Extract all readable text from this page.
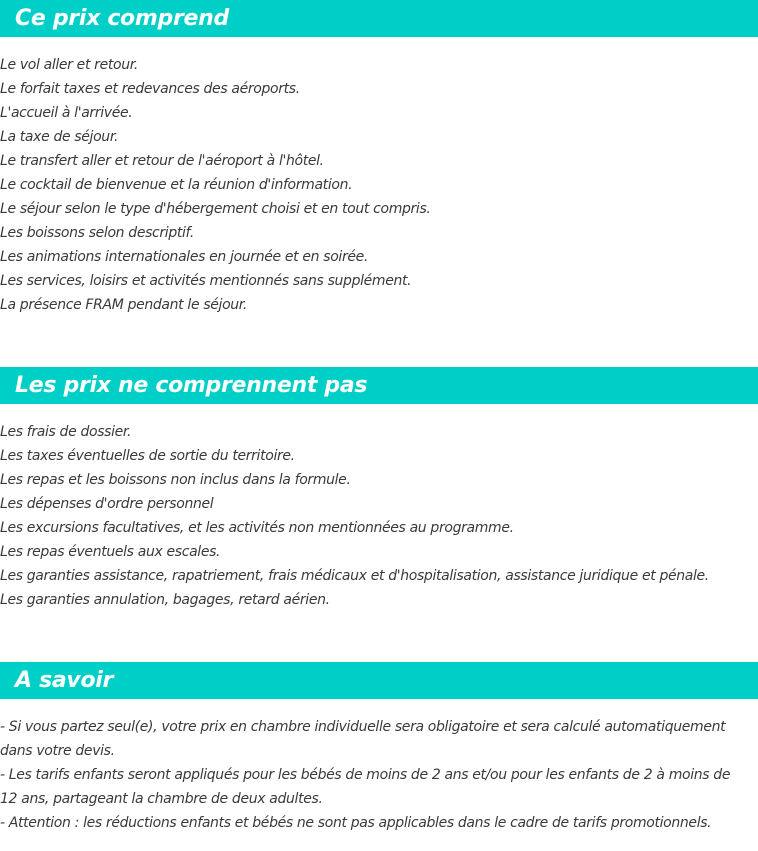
Ce prix comprend
Le vol aller et retour.
Le forfait taxes et redevances des aéroports.
L'accueil à l'arrivée.
La taxe de séjour.
Le transfert aller et retour de l'aéroport à l'hôtel.
Le cocktail de bienvenue et la réunion d'information.
Le séjour selon le type d'hébergement choisi et en tout compris.
Les boissons selon descriptif.
Les animations internationales en journée et en soirée.
Les services, loisirs et activités mentionnés sans supplément.
La présence FRAM pendant le séjour.
Les prix ne comprennent pas
Les frais de dossier.
Les taxes éventuelles de sortie du territoire.
Les repas et les boissons non inclus dans la formule.
Les dépenses d'ordre personnel
Les excursions facultatives, et les activités non mentionnées au programme.
Les repas éventuels aux escales.
Les garanties assistance, rapatriement, frais médicaux et d'hospitalisation, assistance juridique et pénale.
Les garanties annulation, bagages, retard aérien.
A savoir
- Si vous partez seul(e), votre prix en chambre individuelle sera obligatoire et sera calculé automatiquement dans votre devis.
- Les tarifs enfants seront appliqués pour les bébés de moins de 2 ans et/ou pour les enfants de 2 à moins de 12 ans, partageant la chambre de deux adultes.
- Attention : les réductions enfants et bébés ne sont pas applicables dans le cadre de tarifs promotionnels.
